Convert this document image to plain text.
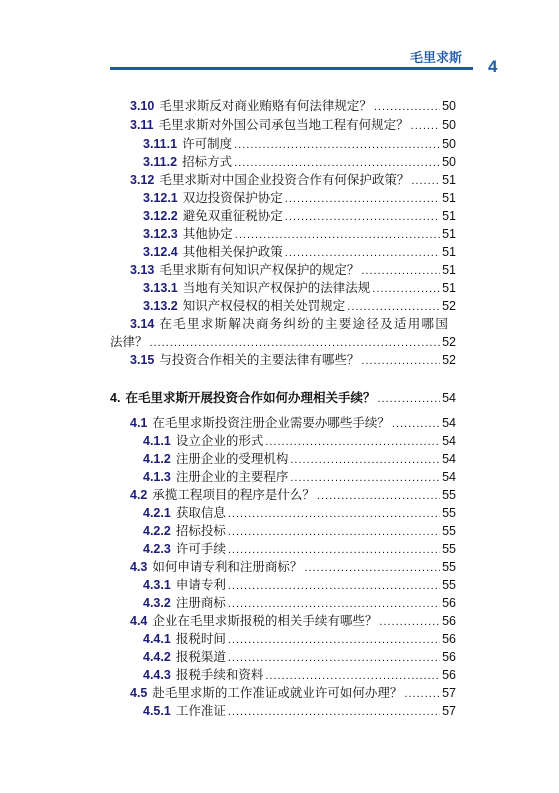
毛里求斯 4
3.10 毛里求斯反对商业贿赂有何法律规定？ .....	50
3.11 毛里求斯对外国公司承包当地工程有何规定？ .....	50
3.11.1 许可制度 .....	50
3.11.2 招标方式 .....	50
3.12 毛里求斯对中国企业投资合作有何保护政策？ .....	51
3.12.1 双边投资保护协定 .....	51
3.12.2 避免双重征税协定 .....	51
3.12.3 其他协定 .....	51
3.12.4 其他相关保护政策 .....	51
3.13 毛里求斯有何知识产权保护的规定？ .....	51
3.13.1 当地有关知识产权保护的法律法规 .....	51
3.13.2 知识产权侵权的相关处罚规定 .....	52
3.14 在毛里求斯解决商务纠纷的主要途径及适用哪国
法律？ .....	52
3.15 与投资合作相关的主要法律有哪些？ .....	52
4. 在毛里求斯开展投资合作如何办理相关手续？ .....	54
4.1 在毛里求斯投资注册企业需要办哪些手续？ .....	54
4.1.1 设立企业的形式 .....	54
4.1.2 注册企业的受理机构 .....	54
4.1.3 注册企业的主要程序 .....	54
4.2 承揽工程项目的程序是什么？ .....	55
4.2.1 获取信息 .....	55
4.2.2 招标投标 .....	55
4.2.3 许可手续 .....	55
4.3 如何申请专利和注册商标？ .....	55
4.3.1 申请专利 .....	55
4.3.2 注册商标 .....	56
4.4 企业在毛里求斯报税的相关手续有哪些？ .....	56
4.4.1 报税时间 .....	56
4.4.2 报税渠道 .....	56
4.4.3 报税手续和资料 .....	56
4.5 赴毛里求斯的工作准证或就业许可如何办理？ .....	57
4.5.1 工作准证 .....	57
